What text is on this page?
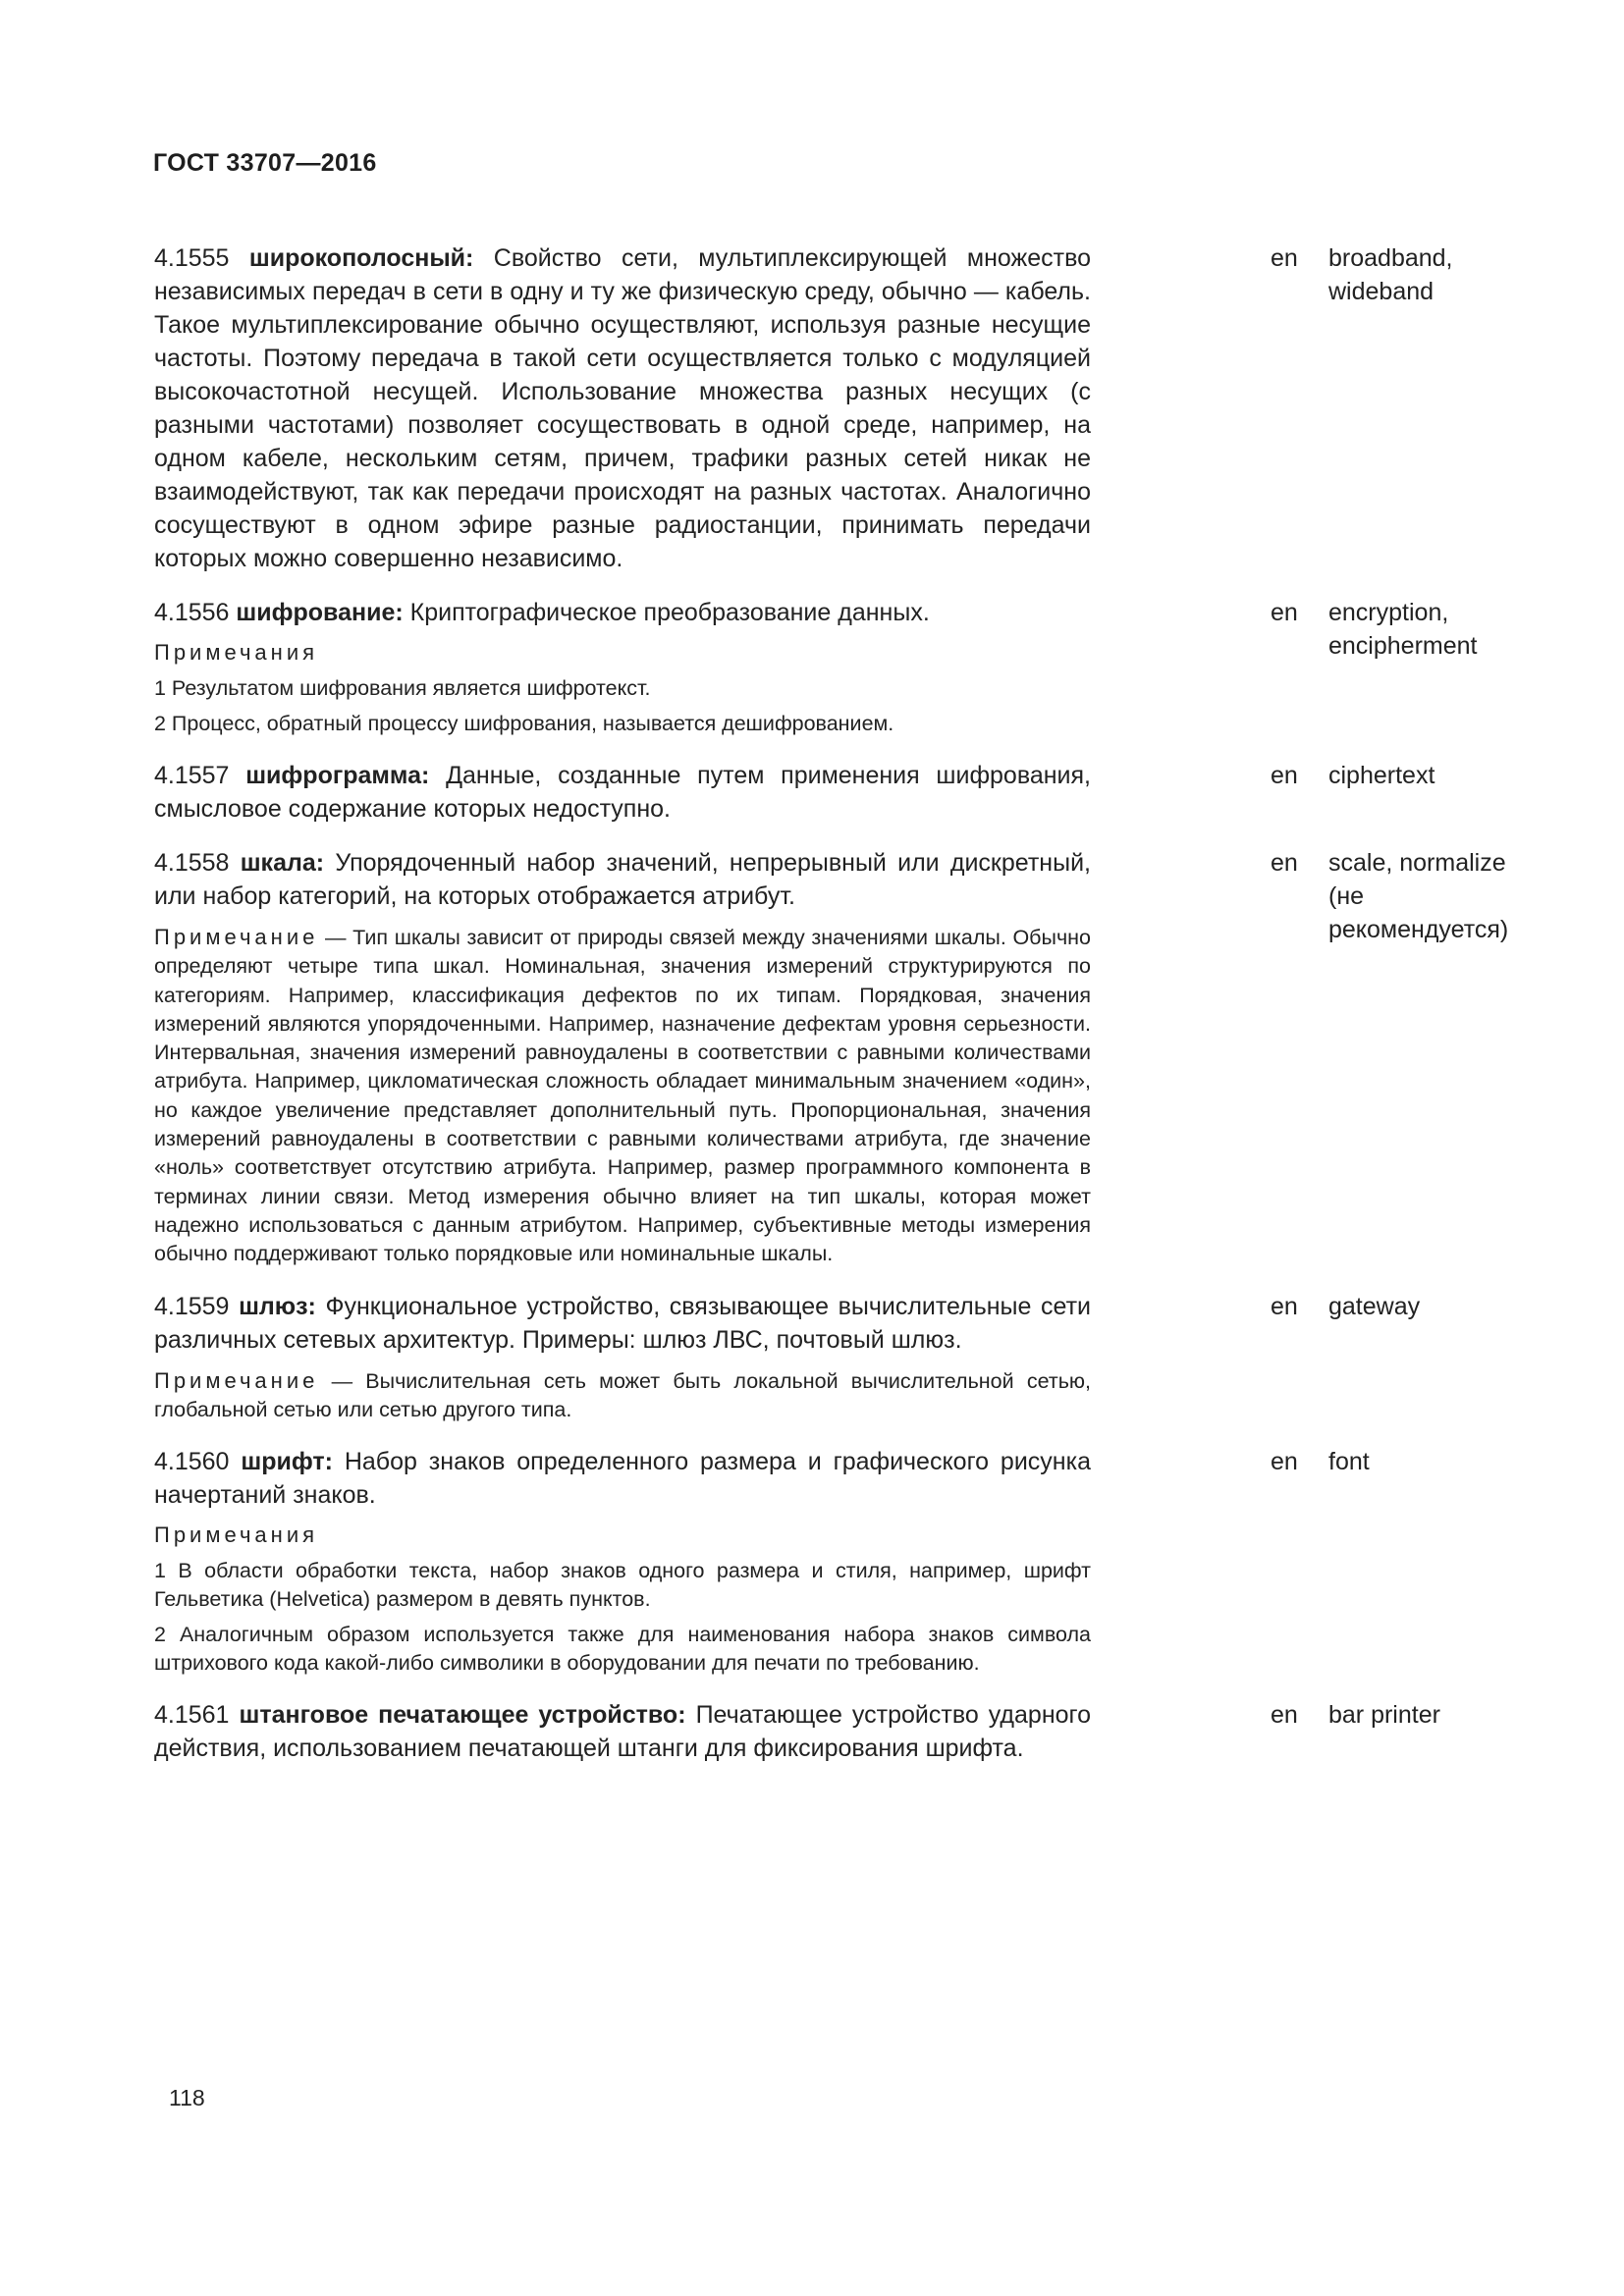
ГОСТ 33707—2016

4.1555 широкополосный: Свойство сети, мультиплексирующей множество независимых передач в сети в одну и ту же физическую среду, обычно — кабель. Такое мультиплексирование обычно осуществляют, используя разные несущие частоты. Поэтому передача в такой сети осуществляется только с модуляцией высокочастотной несущей. Использование множества разных несущих (с разными частотами) позволяет сосуществовать в одной среде, например, на одном кабеле, нескольким сетям, причем, трафики разных сетей никак не взаимодействуют, так как передачи происходят на разных частотах. Аналогично сосуществуют в одном эфире разные радиостанции, принимать передачи которых можно совершенно независимо.

en	broadband, wideband

4.1556 шифрование: Криптографическое преобразование данных.

Примечания
1 Результатом шифрования является шифротекст.
2 Процесс, обратный процессу шифрования, называется дешифрованием.
en	encryption,
encipherment

4.1557 шифрограмма: Данные, созданные путем применения шифрования, смысловое содержание которых недоступно.

en	ciphertext

4.1558 шкала: Упорядоченный набор значений, непрерывный или дискретный, или набор категорий, на которых отображается атрибут.

Примечание — Тип шкалы зависит от природы связей между значениями шкалы. Обычно определяют четыре типа шкал. Номинальная, значения измерений структурируются по категориям. Например, классификация дефектов по их типам. Порядковая, значения измерений являются упорядоченными. Например, назначение дефектам уровня серьезности. Интервальная, значения измерений равноудалены в соответствии с равными количествами атрибута. Например, цикломатическая сложность обладает минимальным значением «один», но каждое увеличение представляет дополнительный путь. Пропорциональная, значения измерений равноудалены в соответствии с равными количествами атрибута, где значение «ноль» соответствует отсутствию атрибута. Например, размер программного компонента в терминах линии связи. Метод измерения обычно влияет на тип шкалы, которая может надежно использоваться с данным атрибутом. Например, субъективные методы измерения обычно поддерживают только порядковые или номинальные шкалы.
en	scale, normalize
(не рекомендуется)

4.1559 шлюз: Функциональное устройство, связывающее вычислительные сети различных сетевых архитектур. Примеры: шлюз ЛВС, почтовый шлюз.

Примечание — Вычислительная сеть может быть локальной вычислительной сетью, глобальной сетью или сетью другого типа.
en	gateway

4.1560 шрифт: Набор знаков определенного размера и графического рисунка начертаний знаков.

Примечания
1 В области обработки текста, набор знаков одного размера и стиля, например, шрифт Гельветика (Helvetica) размером в девять пунктов.
2 Аналогичным образом используется также для наименования набора знаков символа штрихового кода какой-либо символики в оборудовании для печати по требованию.
en	font

4.1561 штанговое печатающее устройство: Печатающее устройство ударного действия, использованием печатающей штанги для фиксирования шрифта.

en	bar printer
118
